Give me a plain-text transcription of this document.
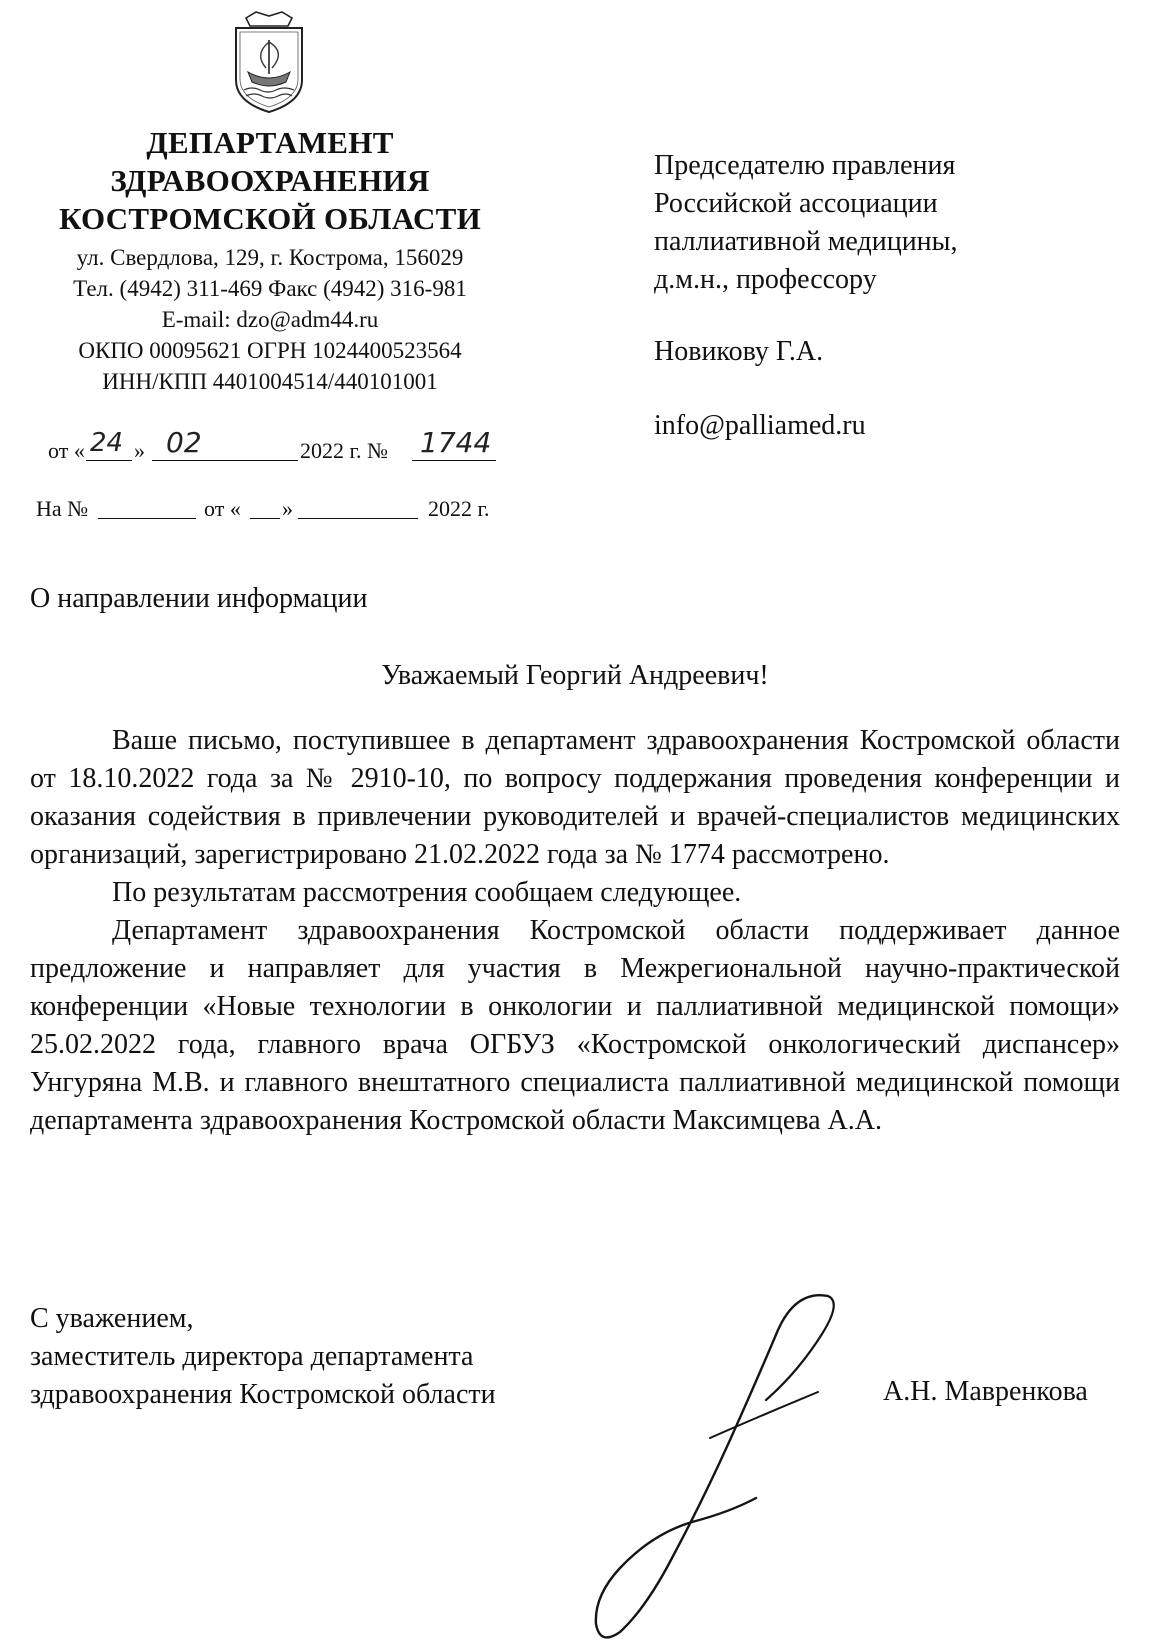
ДЕПАРТАМЕНТ
ЗДРАВООХРАНЕНИЯ
КОСТРОМСКОЙ ОБЛАСТИ
ул. Свердлова, 129, г. Кострома, 156029
Тел. (4942) 311-469 Факс (4942) 316-981
E-mail: dzo@adm44.ru
ОКПО 00095621 ОГРН 1024400523564
ИНН/КПП 4401004514/440101001
от « 24 » 02	2022 г. № 1744
На №	от « »	2022 г.
Председателю правления
Российской ассоциации
паллиативной медицины,
д.м.н., профессору
Новикову Г.А.
info@palliamed.ru
О направлении информации
Уважаемый Георгий Андреевич!

Ваше письмо, поступившее в департамент здравоохранения Костромской области от 18.10.2022 года за № 2910-10, по вопросу поддержания проведения конференции и оказания содействия в привлечении руководителей и врачей-специалистов медицинских организаций, зарегистрировано 21.02.2022 года за № 1774 рассмотрено.

По результатам рассмотрения сообщаем следующее.

Департамент здравоохранения Костромской области поддерживает данное предложение и направляет для участия в Межрегиональной научно-практической конференции «Новые технологии в онкологии и паллиативной медицинской помощи» 25.02.2022 года, главного врача ОГБУЗ «Костромской онкологический диспансер» Унгуряна М.В. и главного внештатного специалиста паллиативной медицинской помощи департамента здравоохранения Костромской области Максимцева А.А.

С уважением,
заместитель директора департамента
здравоохранения Костромской области	А.Н. Мавренкова
